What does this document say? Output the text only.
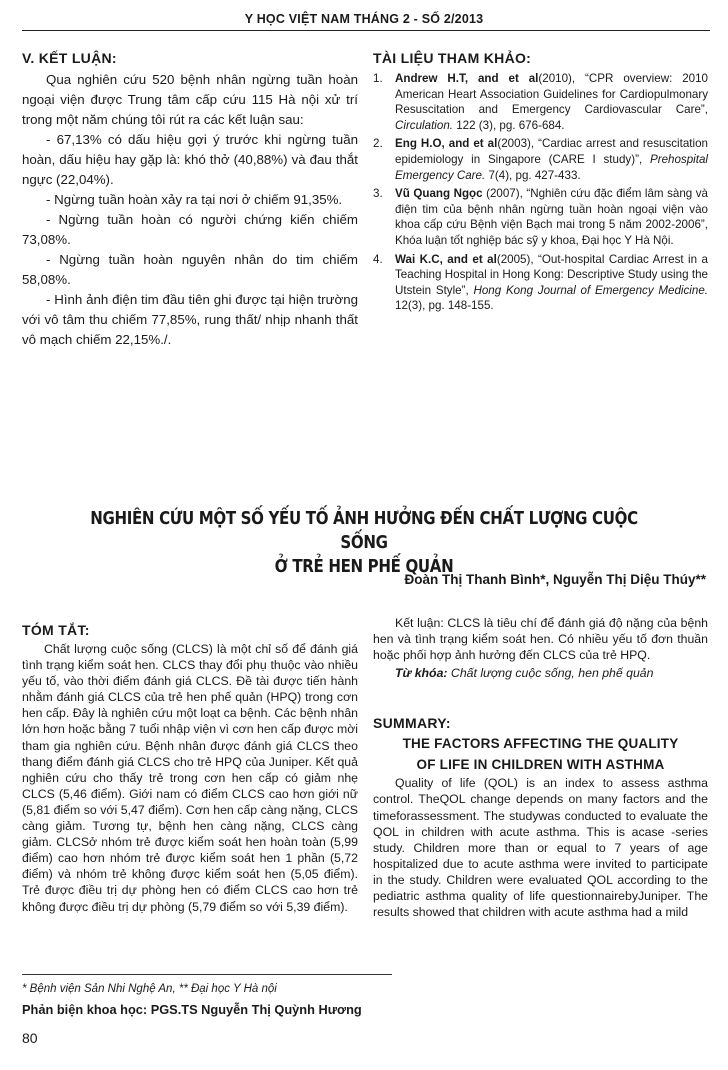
Y HỌC VIỆT NAM THÁNG 2 - SỐ 2/2013
V. KẾT LUẬN:

Qua nghiên cứu 520 bệnh nhân ngừng tuần hoàn ngoại viện được Trung tâm cấp cứu 115 Hà nội xử trí trong một năm chúng tôi rút ra các kết luận sau:

- 67,13% có dấu hiệu gợi ý trước khi ngừng tuần hoàn, dấu hiệu hay gặp là: khó thở (40,88%) và đau thắt ngực (22,04%).

- Ngừng tuần hoàn xảy ra tại nơi ở chiếm 91,35%.

- Ngừng tuần hoàn có người chứng kiến chiếm 73,08%.

- Ngừng tuần hoàn nguyên nhân do tim chiếm 58,08%.

- Hình ảnh điện tim đầu tiên ghi được tại hiện trường với vô tâm thu chiếm 77,85%, rung thất/ nhịp nhanh thất vô mạch chiếm 22,15%./.

TÀI LIỆU THAM KHẢO:
1. Andrew H.T, and et al(2010), “CPR overview: 2010 American Heart Association Guidelines for Cardiopulmonary Resuscitation and Emergency Cardiovascular Care”, Circulation. 122 (3), pg. 676-684.
2. Eng H.O, and et al(2003), “Cardiac arrest and resuscitation epidemiology in Singapore (CARE I study)”, Prehospital Emergency Care. 7(4), pg. 427-433.
3. Vũ Quang Ngọc (2007), “Nghiên cứu đặc điểm lâm sàng và điện tim của bệnh nhân ngừng tuần hoàn ngoại viện vào khoa cấp cứu Bệnh viện Bạch mai trong 5 năm 2002-2006”, Khóa luận tốt nghiệp bác sỹ y khoa, Đại học Y Hà Nội.
4. Wai K.C, and et al(2005), “Out-hospital Cardiac Arrest in a Teaching Hospital in Hong Kong: Descriptive Study using the Utstein Style”, Hong Kong Journal of Emergency Medicine. 12(3), pg. 148-155.
NGHIÊN CỨU MỘT SỐ YẾU TỐ ẢNH HƯỞNG ĐẾN CHẤT LƯỢNG CUỘC SỐNG
Ở TRẺ HEN PHẾ QUẢN
Đoàn Thị Thanh Bình*, Nguyễn Thị Diệu Thúy**
TÓM TẮT:

Chất lượng cuộc sống (CLCS) là một chỉ số để đánh giá tình trạng kiểm soát hen. CLCS thay đổi phụ thuộc vào nhiều yếu tố, vào thời điểm đánh giá CLCS. Đề tài được tiến hành nhằm đánh giá CLCS của trẻ hen phế quản (HPQ) trong cơn hen cấp. Đây là nghiên cứu một loạt ca bệnh. Các bệnh nhân lớn hơn hoặc bằng 7 tuổi nhập viện vì cơn hen cấp được mời tham gia nghiên cứu. Bệnh nhân được đánh giá CLCS theo thang điểm đánh giá CLCS cho trẻ HPQ của Juniper. Kết quả nghiên cứu cho thấy trẻ trong cơn hen cấp có giảm nhẹ CLCS (5,46 điểm). Giới nam có điểm CLCS cao hơn giới nữ (5,81 điểm so với 5,47 điểm). Cơn hen cấp càng nặng, CLCS càng giảm. Tương tự, bệnh hen càng nặng, CLCS càng giảm. CLCSở nhóm trẻ được kiểm soát hen hoàn toàn (5,99 điểm) cao hơn nhóm trẻ được kiểm soát hen 1 phần (5,72 điểm) và nhóm trẻ không được kiểm soát hen (5,05 điểm). Trẻ được điều trị dự phòng hen có điểm CLCS cao hơn trẻ không được điều trị dự phòng (5,79 điểm so với 5,39 điểm).

Kết luận: CLCS là tiêu chí để đánh giá độ nặng của bệnh hen và tình trạng kiểm soát hen. Có nhiều yếu tố đơn thuần hoặc phối hợp ảnh hưởng đến CLCS của trẻ HPQ.

Từ khóa: Chất lượng cuộc sống, hen phế quản

SUMMARY:
THE FACTORS AFFECTING THE QUALITY
OF LIFE IN CHILDREN WITH ASTHMA

Quality of life (QOL) is an index to assess asthma control. TheQOL change depends on many factors and the timeforassessment. The studywas conducted to evaluate the QOL in children with acute asthma. This is acase -series study. Children more than or equal to 7 years of age hospitalized due to acute asthma were invited to participate in the study. Children were evaluated QOL according to the pediatric asthma quality of life questionnairebyJuniper. The results showed that children with acute asthma had a mild

* Bệnh viện Sản Nhi Nghệ An, ** Đại học Y Hà nội
Phản biện khoa học: PGS.TS Nguyễn Thị Quỳnh Hương
80
